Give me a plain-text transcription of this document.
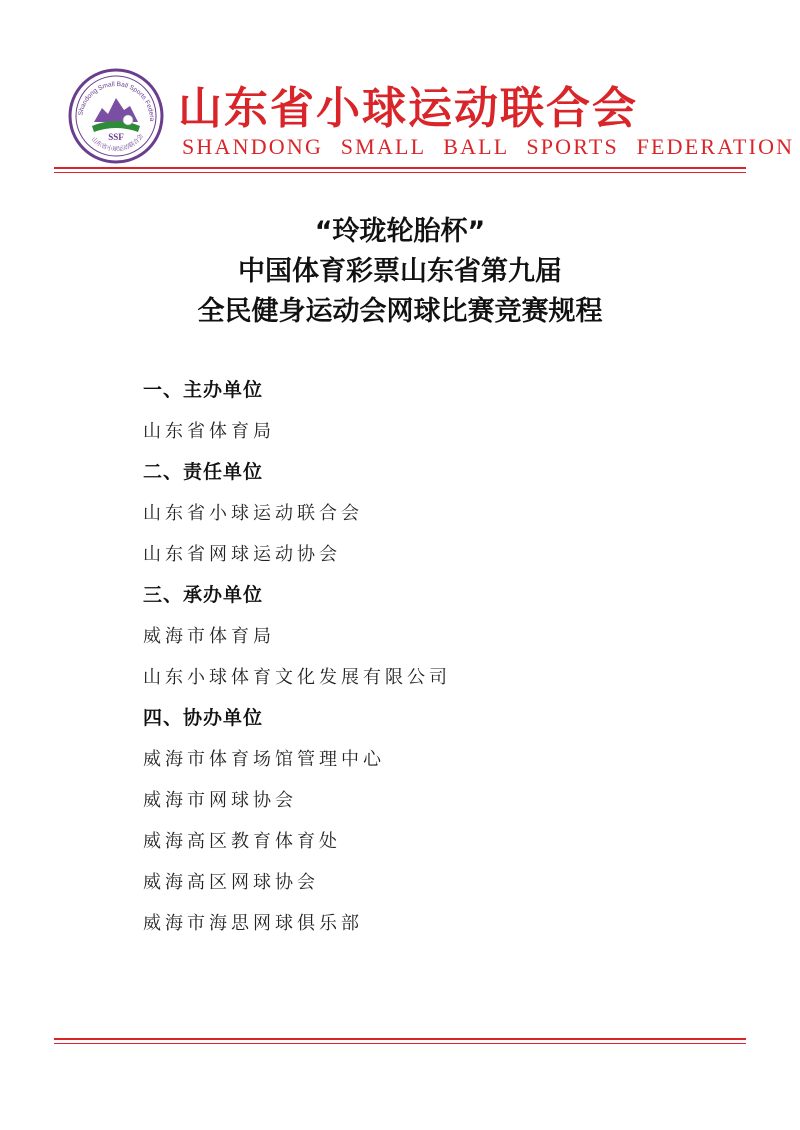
Shandong Small Ball Sports Federa
SSF
山东省小球运动联合会
山东省小球运动联合会
SHANDONG SMALL BALL SPORTS FEDERATION
“玲珑轮胎杯”
中国体育彩票山东省第九届
全民健身运动会网球比赛竞赛规程
一、主办单位
山东省体育局
二、责任单位
山东省小球运动联合会
山东省网球运动协会
三、承办单位
威海市体育局
山东小球体育文化发展有限公司
四、协办单位
威海市体育场馆管理中心
威海市网球协会
威海高区教育体育处
威海高区网球协会
威海市海思网球俱乐部
